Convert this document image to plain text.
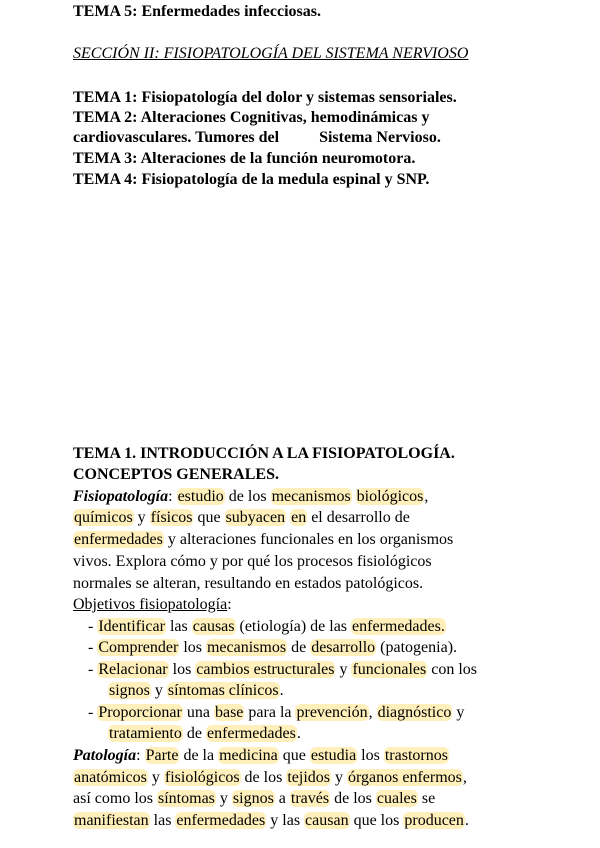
TEMA 5: Enfermedades infecciosas.
SECCIÓN II: FISIOPATOLOGÍA DEL SISTEMA NERVIOSO
TEMA 1: Fisiopatología del dolor y sistemas sensoriales.
TEMA 2: Alteraciones Cognitivas, hemodinámicas y
cardiovasculares. Tumores del          Sistema Nervioso.
TEMA 3: Alteraciones de la función neuromotora.
TEMA 4: Fisiopatología de la medula espinal y SNP.
TEMA 1. INTRODUCCIÓN A LA FISIOPATOLOGÍA.
CONCEPTOS GENERALES.
Fisiopatología: estudio de los mecanismos biológicos,
químicos y físicos que subyacen en el desarrollo de
enfermedades y alteraciones funcionales en los organismos
vivos. Explora cómo y por qué los procesos fisiológicos
normales se alteran, resultando en estados patológicos.
Objetivos fisiopatología:
- Identificar las causas (etiología) de las enfermedades.
- Comprender los mecanismos de desarrollo (patogenia).
- Relacionar los cambios estructurales y funcionales con los
signos y síntomas clínicos.
- Proporcionar una base para la prevención, diagnóstico y
tratamiento de enfermedades.
Patología: Parte de la medicina que estudia los trastornos
anatómicos y fisiológicos de los tejidos y órganos enfermos,
así como los síntomas y signos a través de los cuales se
manifiestan las enfermedades y las causan que los producen.
